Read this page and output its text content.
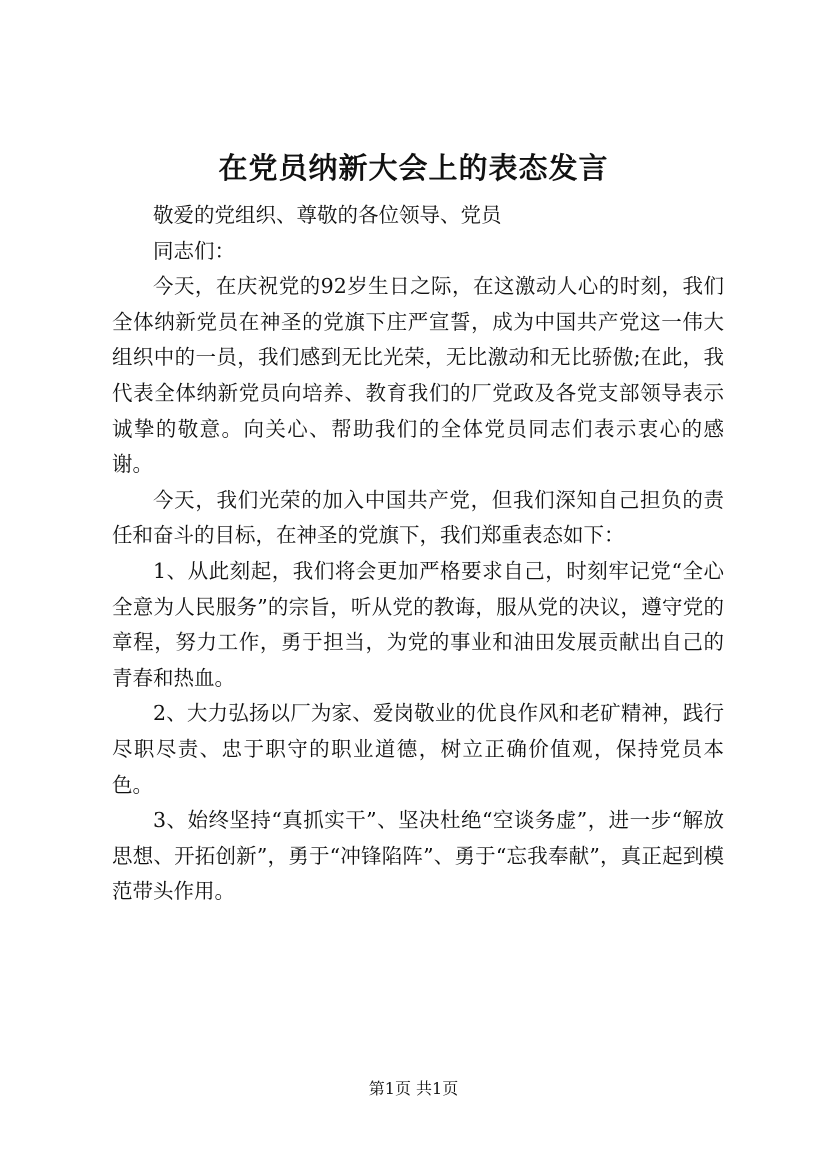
在党员纳新大会上的表态发言

敬爱的党组织、尊敬的各位领导、党员

同志们：

今天，在庆祝党的92岁生日之际，在这激动人心的时刻，我们全体纳新党员在神圣的党旗下庄严宣誓，成为中国共产党这一伟大组织中的一员，我们感到无比光荣，无比激动和无比骄傲;在此，我代表全体纳新党员向培养、教育我们的厂党政及各党支部领导表示诚挚的敬意。向关心、帮助我们的全体党员同志们表示衷心的感谢。

今天，我们光荣的加入中国共产党，但我们深知自己担负的责任和奋斗的目标，在神圣的党旗下，我们郑重表态如下：

1、从此刻起，我们将会更加严格要求自己，时刻牢记党“全心全意为人民服务”的宗旨，听从党的教诲，服从党的决议，遵守党的章程，努力工作，勇于担当，为党的事业和油田发展贡献出自己的青春和热血。

2、大力弘扬以厂为家、爱岗敬业的优良作风和老矿精神，践行尽职尽责、忠于职守的职业道德，树立正确价值观，保持党员本色。

3、始终坚持“真抓实干”、坚决杜绝“空谈务虚”，进一步“解放思想、开拓创新”，勇于“冲锋陷阵”、勇于“忘我奉献”，真正起到模范带头作用。

第1页 共1页
